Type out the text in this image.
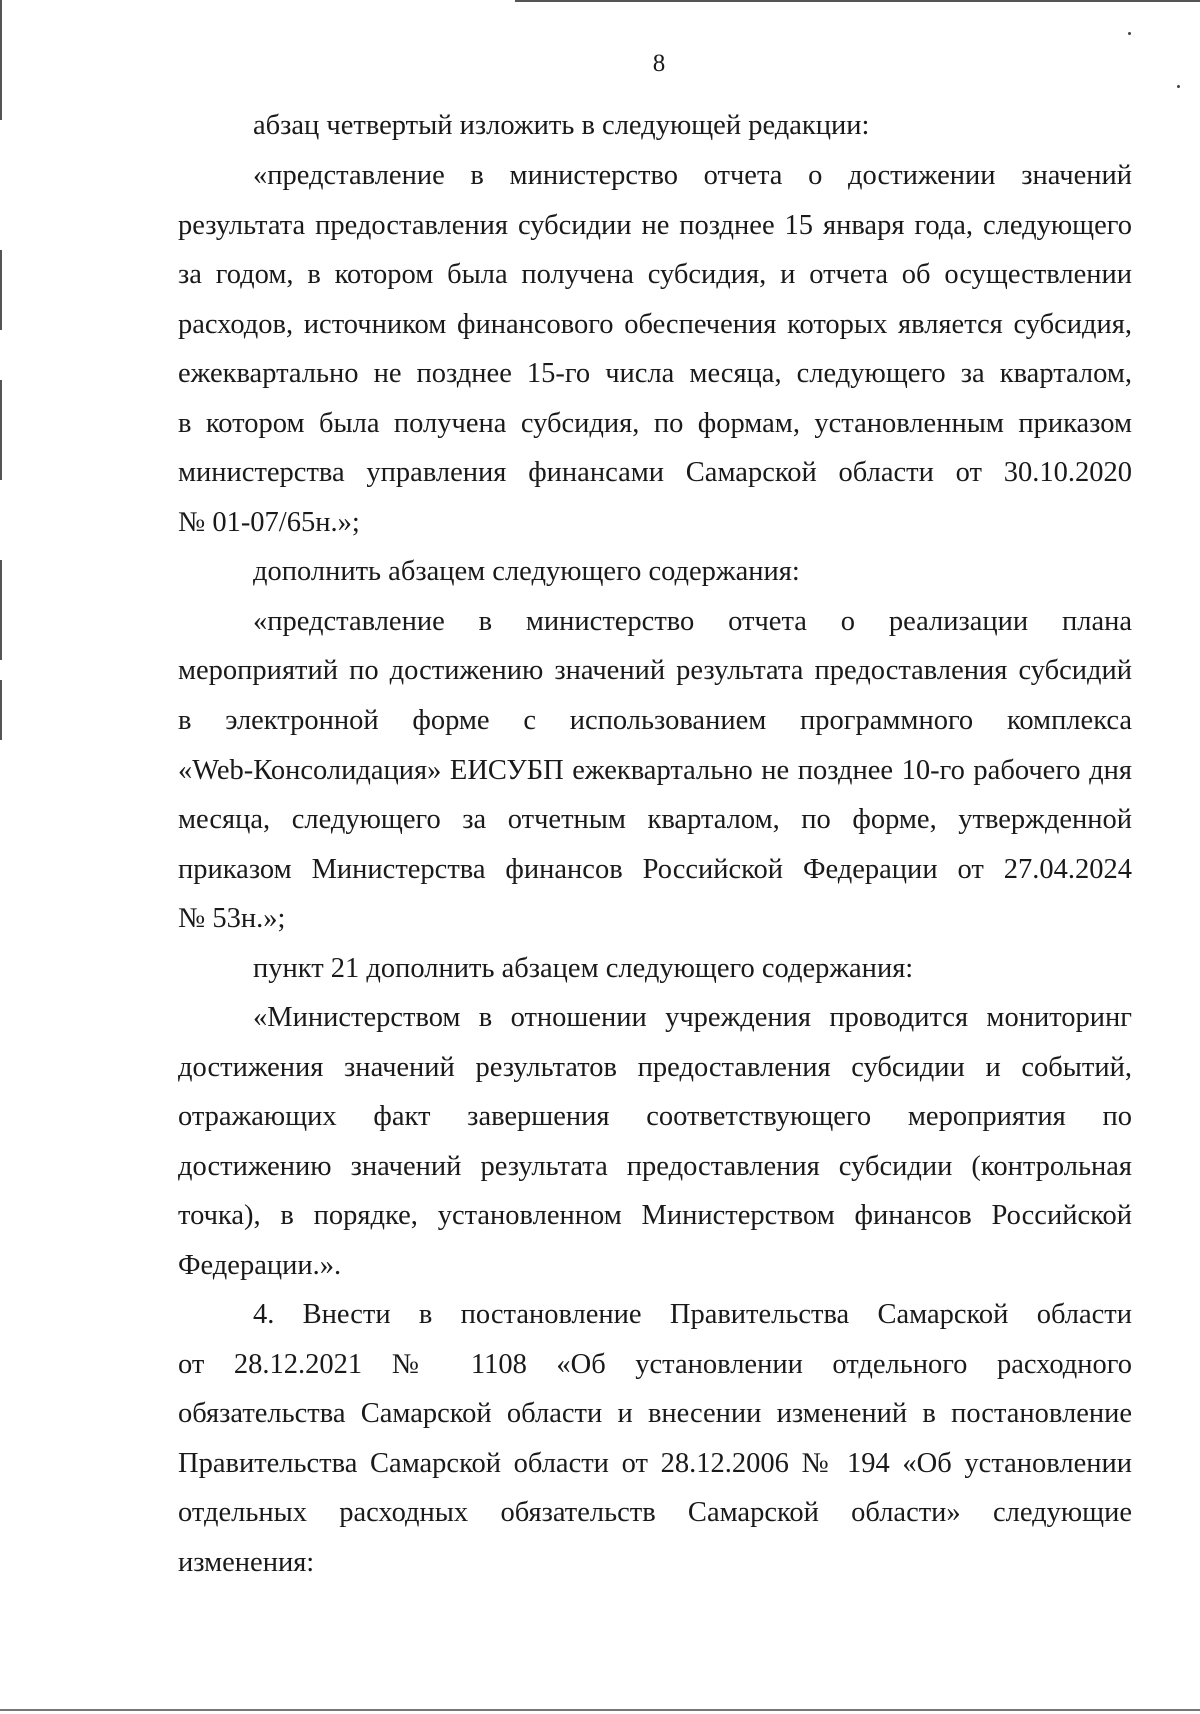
8
абзац четвертый изложить в следующей редакции:
«представление в министерство отчета о достижении значений
результата предоставления субсидии не позднее 15 января года, следующего
за годом, в котором была получена субсидия, и отчета об осуществлении
расходов, источником финансового обеспечения которых является субсидия,
ежеквартально не позднее 15-го числа месяца, следующего за кварталом,
в котором была получена субсидия, по формам, установленным приказом
министерства управления финансами Самарской области от 30.10.2020
№ 01-07/65н.»;
дополнить абзацем следующего содержания:
«представление в министерство отчета о реализации плана
мероприятий по достижению значений результата предоставления субсидий
в электронной форме с использованием программного комплекса
«Web-Консолидация» ЕИСУБП ежеквартально не позднее 10-го рабочего дня
месяца, следующего за отчетным кварталом, по форме, утвержденной
приказом Министерства финансов Российской Федерации от 27.04.2024
№ 53н.»;
пункт 21 дополнить абзацем следующего содержания:
«Министерством в отношении учреждения проводится мониторинг
достижения значений результатов предоставления субсидии и событий,
отражающих факт завершения соответствующего мероприятия по
достижению значений результата предоставления субсидии (контрольная
точка), в порядке, установленном Министерством финансов Российской
Федерации.».
4. Внести в постановление Правительства Самарской области
от 28.12.2021 № 1108 «Об установлении отдельного расходного
обязательства Самарской области и внесении изменений в постановление
Правительства Самарской области от 28.12.2006 № 194 «Об установлении
отдельных расходных обязательств Самарской области» следующие
изменения:
